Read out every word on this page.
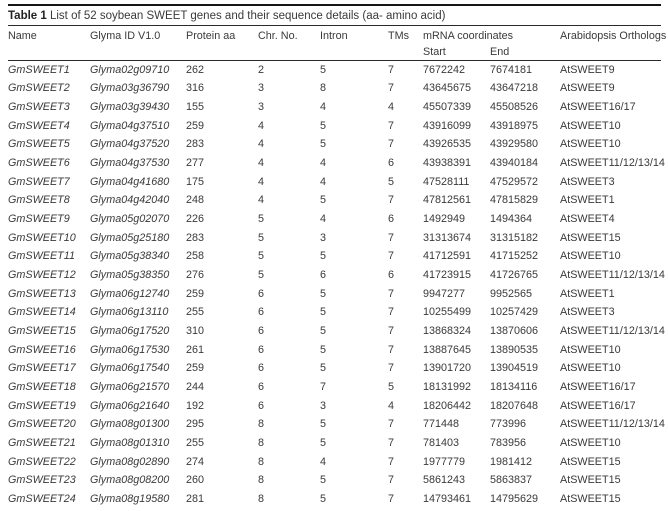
Table 1 List of 52 soybean SWEET genes and their sequence details (aa- amino acid)
Name	Glyma ID V1.0	Protein aa	Chr. No.	Intron	TMs	mRNA coordinates		Arabidopsis Orthologs
						Start	End	
GmSWEET1	Glyma02g09710	262	2	5	7	7672242	7674181	AtSWEET9
GmSWEET2	Glyma03g36790	316	3	8	7	43645675	43647218	AtSWEET9
GmSWEET3	Glyma03g39430	155	3	4	4	45507339	45508526	AtSWEET16/17
GmSWEET4	Glyma04g37510	259	4	5	7	43916099	43918975	AtSWEET10
GmSWEET5	Glyma04g37520	283	4	5	7	43926535	43929580	AtSWEET10
GmSWEET6	Glyma04g37530	277	4	4	6	43938391	43940184	AtSWEET11/12/13/14
GmSWEET7	Glyma04g41680	175	4	4	5	47528111	47529572	AtSWEET3
GmSWEET8	Glyma04g42040	248	4	5	7	47812561	47815829	AtSWEET1
GmSWEET9	Glyma05g02070	226	5	4	6	1492949	1494364	AtSWEET4
GmSWEET10	Glyma05g25180	283	5	3	7	31313674	31315182	AtSWEET15
GmSWEET11	Glyma05g38340	258	5	5	7	41712591	41715252	AtSWEET10
GmSWEET12	Glyma05g38350	276	5	6	6	41723915	41726765	AtSWEET11/12/13/14
GmSWEET13	Glyma06g12740	259	6	5	7	9947277	9952565	AtSWEET1
GmSWEET14	Glyma06g13110	255	6	5	7	10255499	10257429	AtSWEET3
GmSWEET15	Glyma06g17520	310	6	5	7	13868324	13870606	AtSWEET11/12/13/14
GmSWEET16	Glyma06g17530	261	6	5	7	13887645	13890535	AtSWEET10
GmSWEET17	Glyma06g17540	259	6	5	7	13901720	13904519	AtSWEET10
GmSWEET18	Glyma06g21570	244	6	7	5	18131992	18134116	AtSWEET16/17
GmSWEET19	Glyma06g21640	192	6	3	4	18206442	18207648	AtSWEET16/17
GmSWEET20	Glyma08g01300	295	8	5	7	771448	773996	AtSWEET11/12/13/14
GmSWEET21	Glyma08g01310	255	8	5	7	781403	783956	AtSWEET10
GmSWEET22	Glyma08g02890	274	8	4	7	1977779	1981412	AtSWEET15
GmSWEET23	Glyma08g08200	260	8	5	7	5861243	5863837	AtSWEET15
GmSWEET24	Glyma08g19580	281	8	5	7	14793461	14795629	AtSWEET15
